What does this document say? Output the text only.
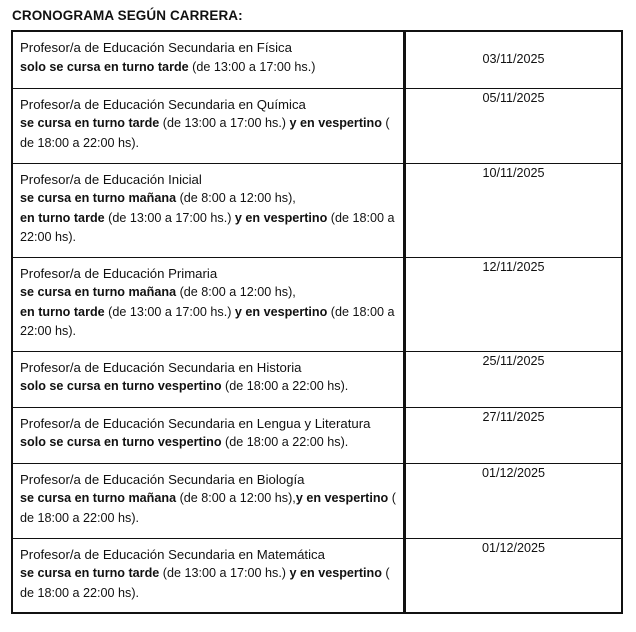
CRONOGRAMA SEGÚN CARRERA:
Profesor/a de Educación Secundaria en Física
solo se cursa en turno tarde (de 13:00 a 17:00 hs.)	03/11/2025

Profesor/a de Educación Secundaria en Química
se cursa en turno tarde (de 13:00 a 17:00 hs.) y en vespertino ( de 18:00 a 22:00 hs).	05/11/2025

Profesor/a de Educación Inicial
se cursa en turno mañana (de 8:00 a 12:00 hs),
en turno tarde (de 13:00 a 17:00 hs.) y en vespertino (de 18:00 a 22:00 hs).	10/11/2025

Profesor/a de Educación Primaria
se cursa en turno mañana (de 8:00 a 12:00 hs),
en turno tarde (de 13:00 a 17:00 hs.) y en vespertino (de 18:00 a 22:00 hs).	12/11/2025

Profesor/a de Educación Secundaria en Historia
solo se cursa en turno vespertino (de 18:00 a 22:00 hs).	25/11/2025

Profesor/a de Educación Secundaria en Lengua y Literatura
solo se cursa en turno vespertino (de 18:00 a 22:00 hs).	27/11/2025

Profesor/a de Educación Secundaria en Biología
se cursa en turno mañana (de 8:00 a 12:00 hs),y en vespertino ( de 18:00 a 22:00 hs).	01/12/2025

Profesor/a de Educación Secundaria en Matemática
se cursa en turno tarde (de 13:00 a 17:00 hs.) y en vespertino ( de 18:00 a 22:00 hs).	01/12/2025
